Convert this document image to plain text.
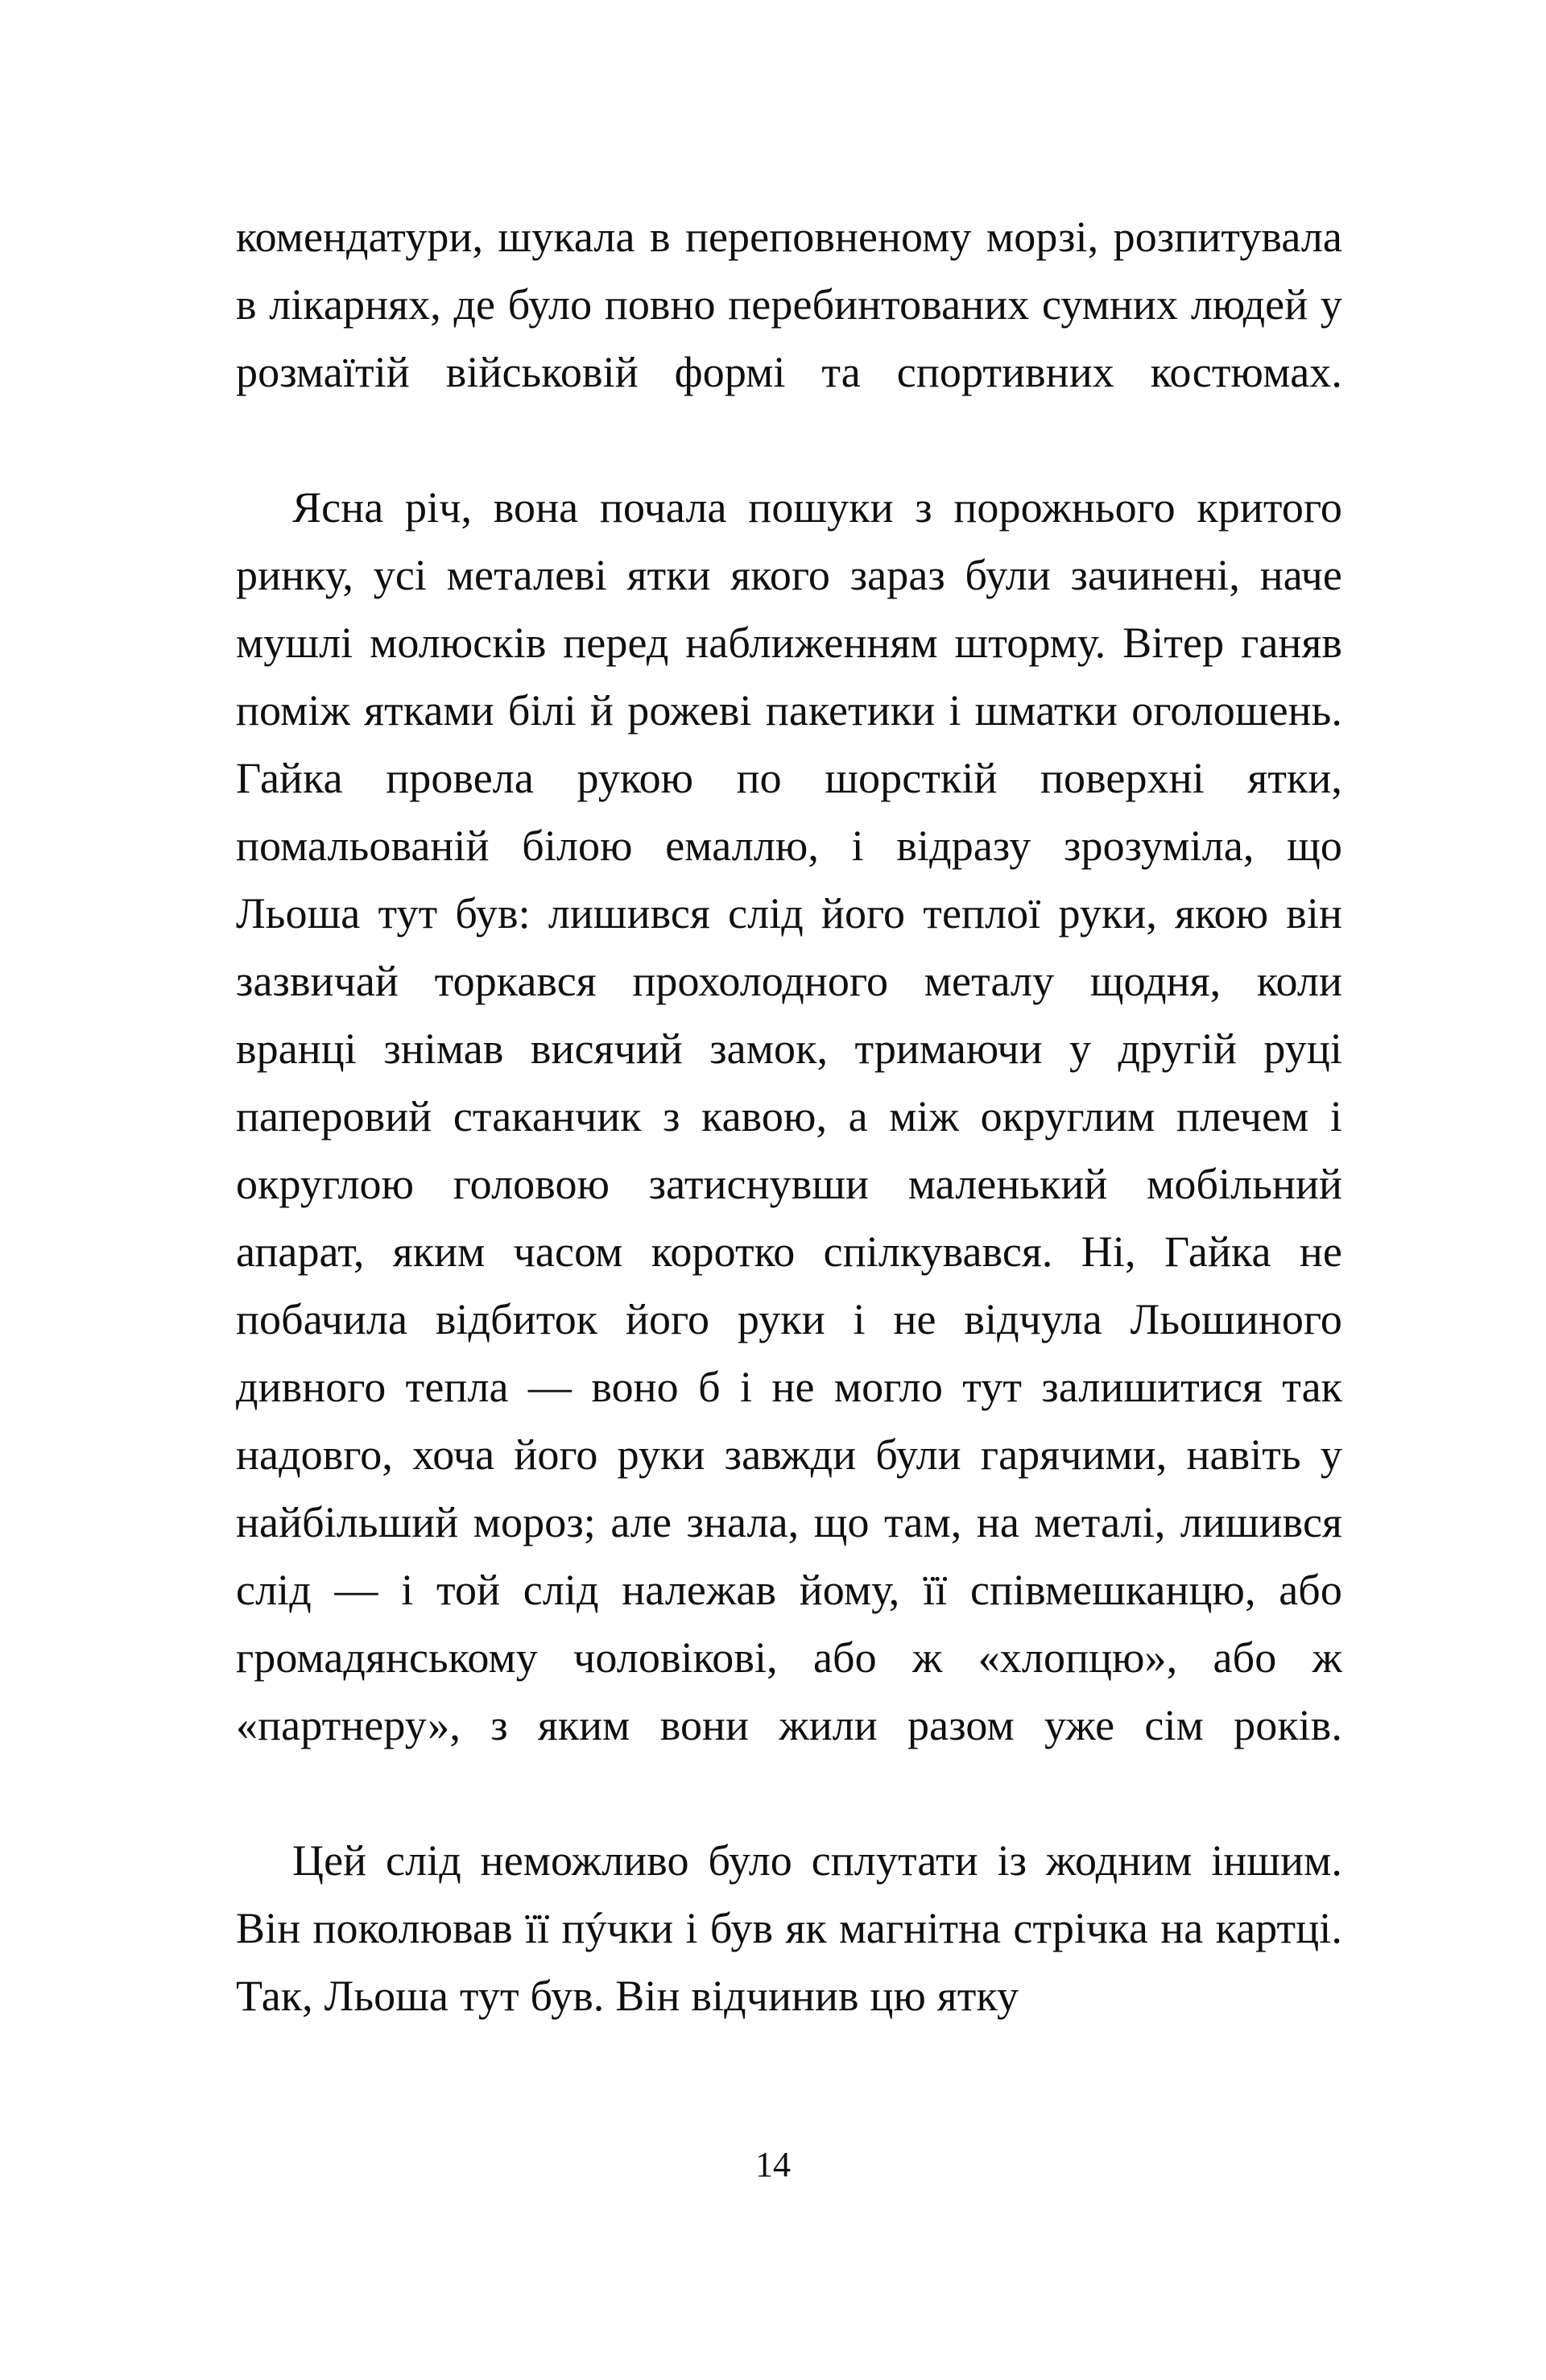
комендатури, шукала в переповненому морзі, розпитувала в лікарнях, де було повно перебинтованих сумних людей у розмаїтій військовій формі та спортивних костюмах.

Ясна річ, вона почала пошуки з порожнього критого ринку, усі металеві ятки якого зараз були зачинені, наче мушлі молюсків перед наближенням шторму. Вітер ганяв поміж ятками білі й рожеві пакетики і шматки оголошень. Гайка провела рукою по шорсткій поверхні ятки, помальованій білою емаллю, і відразу зрозуміла, що Льоша тут був: лишився слід його теплої руки, якою він зазвичай торкався прохолодного металу щодня, коли вранці знімав висячий замок, тримаючи у другій руці паперовий стаканчик з кавою, а між округлим плечем і округлою головою затиснувши маленький мобільний апарат, яким часом коротко спілкувався. Ні, Гайка не побачила відбиток його руки і не відчула Льошиного дивного тепла — воно б і не могло тут залишитися так надовго, хоча його руки завжди були гарячими, навіть у найбільший мороз; але знала, що там, на металі, лишився слід — і той слід належав йому, її співмешканцю, або громадянському чоловікові, або ж «хлопцю», або ж «партнеру», з яким вони жили разом уже сім років.

Цей слід неможливо було сплутати із жодним іншим. Він поколював її пýчки і був як магнітна стрічка на картці. Так, Льоша тут був. Він відчинив цю ятку

14
